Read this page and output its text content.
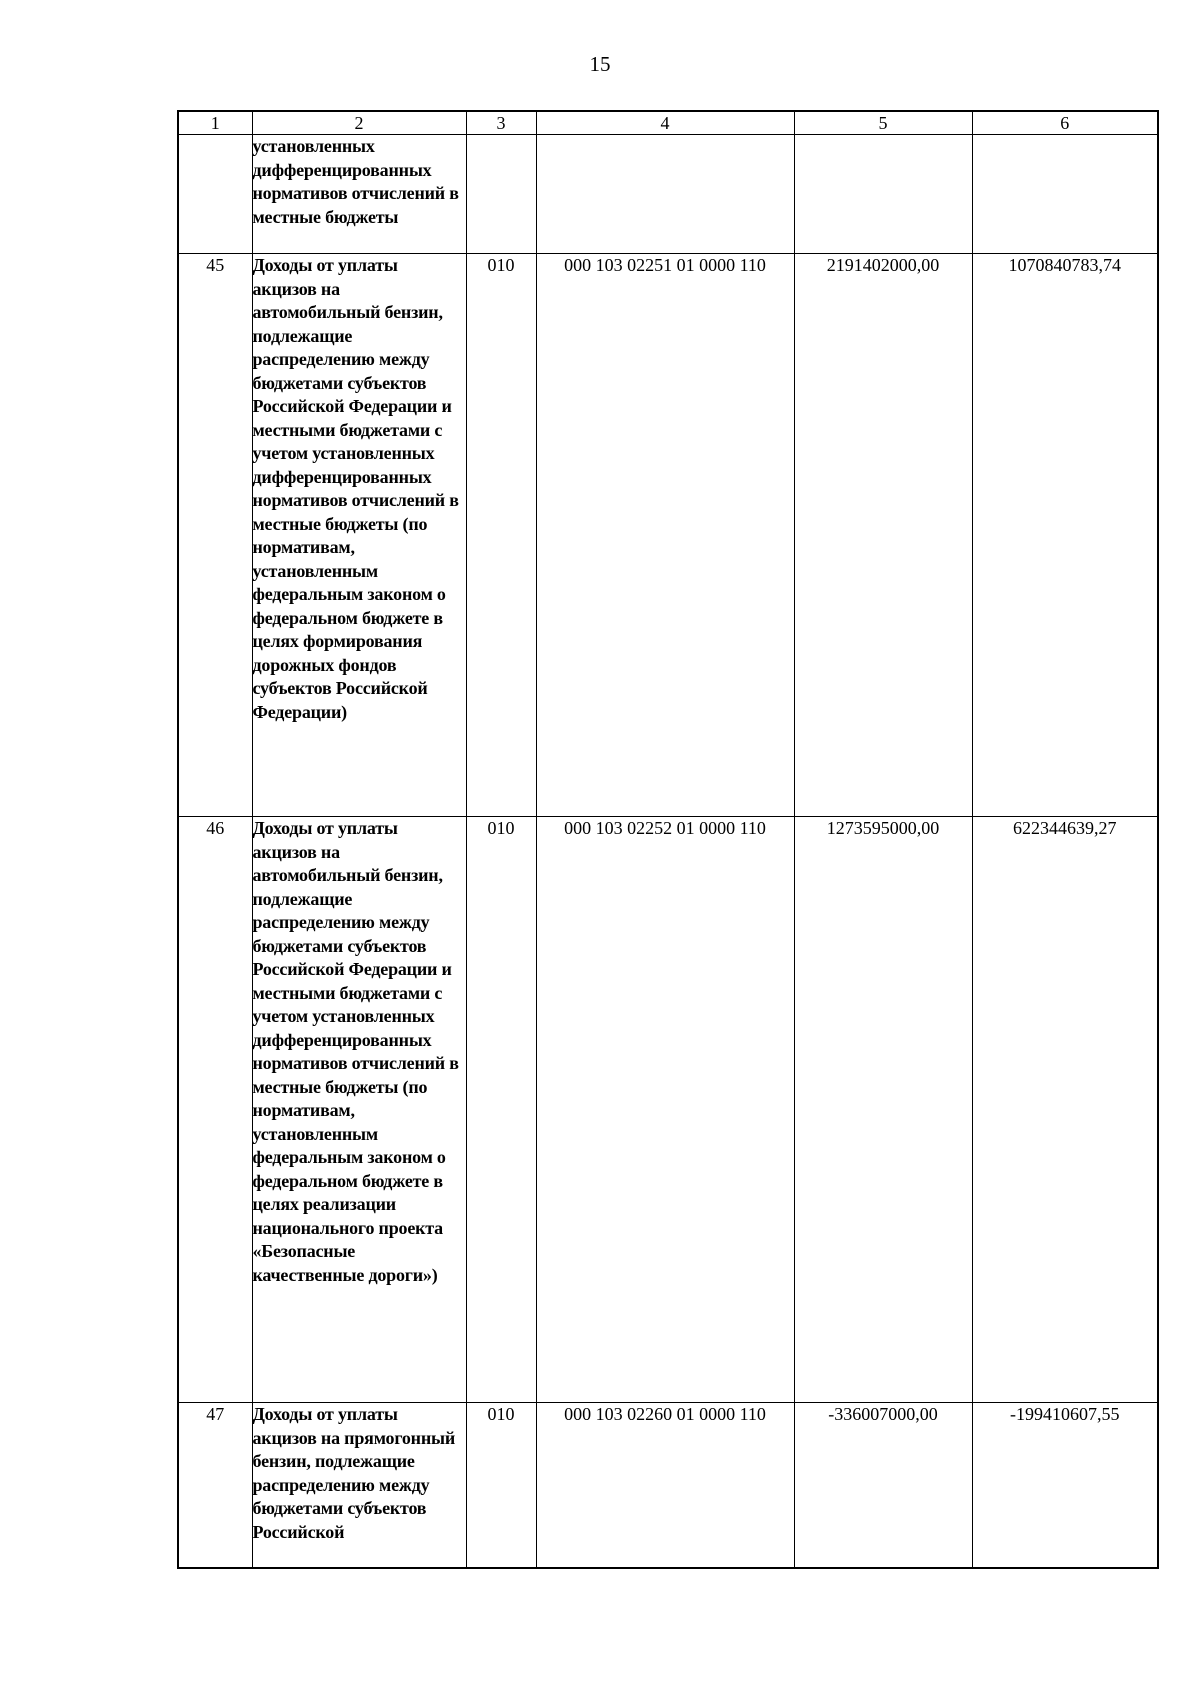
15
1	2	3	4	5	6
	установленных дифференцированных нормативов отчислений в местные бюджеты				
45	Доходы от уплаты акцизов на автомобильный бензин, подлежащие распределению между бюджетами субъектов Российской Федерации и местными бюджетами с учетом установленных дифференцированных нормативов отчислений в местные бюджеты (по нормативам, установленным федеральным законом о федеральном бюджете в целях формирования дорожных фондов субъектов Российской Федерации)	010	000 103 02251 01 0000 110	2191402000,00	1070840783,74
46	Доходы от уплаты акцизов на автомобильный бензин, подлежащие распределению между бюджетами субъектов Российской Федерации и местными бюджетами с учетом установленных дифференцированных нормативов отчислений в местные бюджеты (по нормативам, установленным федеральным законом о федеральном бюджете в целях реализации национального проекта «Безопасные качественные дороги»)	010	000 103 02252 01 0000 110	1273595000,00	622344639,27
47	Доходы от уплаты акцизов на прямогонный бензин, подлежащие распределению между бюджетами субъектов Российской	010	000 103 02260 01 0000 110	-336007000,00	-199410607,55
